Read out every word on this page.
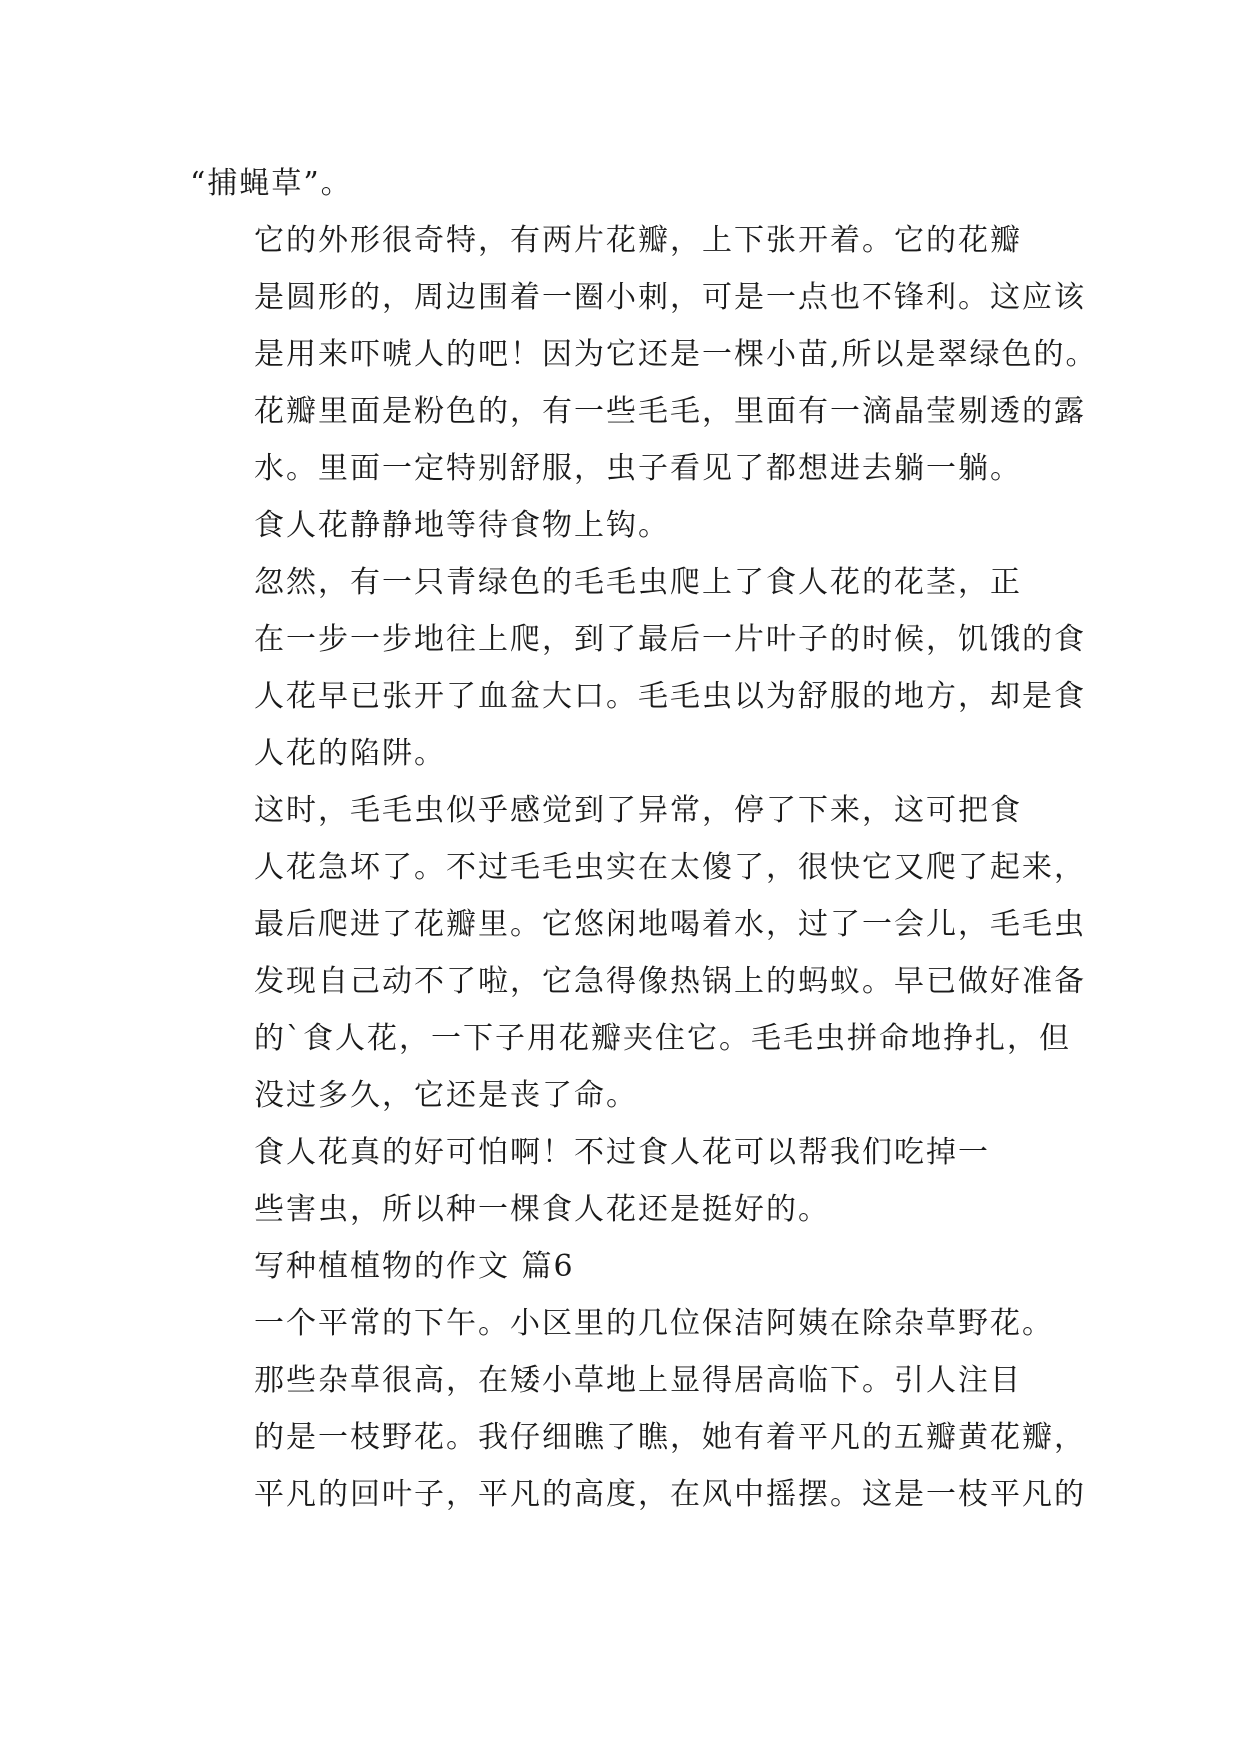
“捕蝇草”。

它的外形很奇特，有两片花瓣，上下张开着。它的花瓣
是圆形的，周边围着一圈小刺，可是一点也不锋利。这应该
是用来吓唬人的吧！因为它还是一棵小苗,所以是翠绿色的。
花瓣里面是粉色的，有一些毛毛，里面有一滴晶莹剔透的露
水。里面一定特别舒服，虫子看见了都想进去躺一躺。

食人花静静地等待食物上钩。

忽然，有一只青绿色的毛毛虫爬上了食人花的花茎，正
在一步一步地往上爬，到了最后一片叶子的时候，饥饿的食
人花早已张开了血盆大口。毛毛虫以为舒服的地方，却是食
人花的陷阱。

这时，毛毛虫似乎感觉到了异常，停了下来，这可把食
人花急坏了。不过毛毛虫实在太傻了，很快它又爬了起来，
最后爬进了花瓣里。它悠闲地喝着水，过了一会儿，毛毛虫
发现自己动不了啦，它急得像热锅上的蚂蚁。早已做好准备
的`食人花，一下子用花瓣夹住它。毛毛虫拼命地挣扎，但
没过多久，它还是丧了命。

食人花真的好可怕啊！不过食人花可以帮我们吃掉一
些害虫，所以种一棵食人花还是挺好的。

写种植植物的作文 篇6

一个平常的下午。小区里的几位保洁阿姨在除杂草野花。

那些杂草很高，在矮小草地上显得居高临下。引人注目
的是一枝野花。我仔细瞧了瞧，她有着平凡的五瓣黄花瓣，
平凡的回叶子，平凡的高度，在风中摇摆。这是一枝平凡的
